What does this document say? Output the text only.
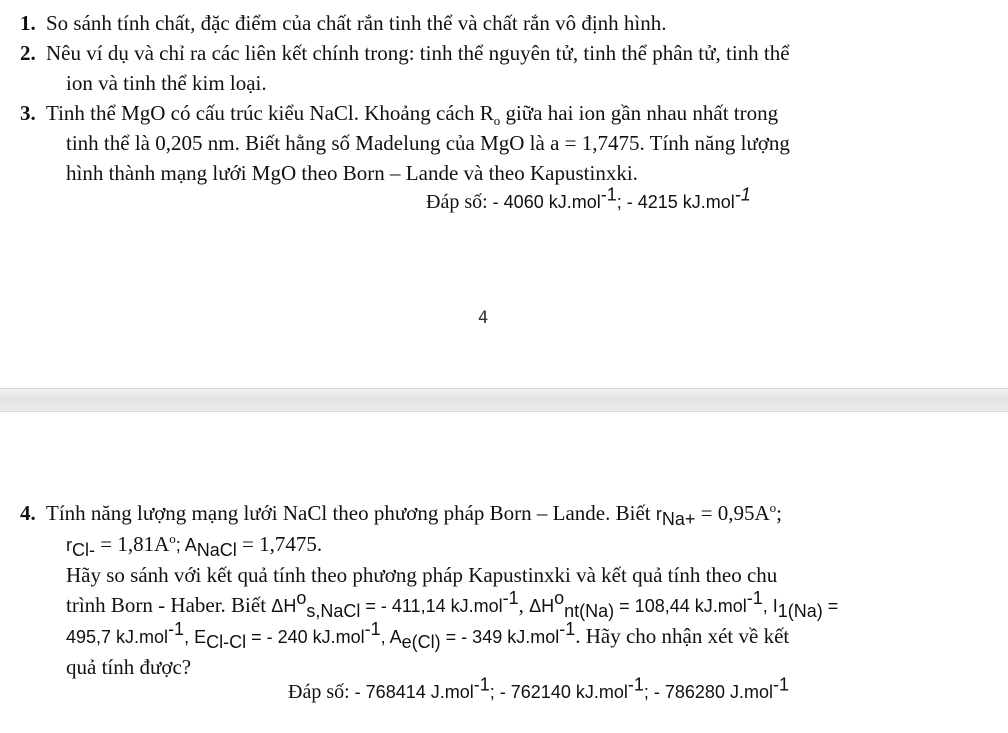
1. So sánh tính chất, đặc điểm của chất rắn tinh thể và chất rắn vô định hình.
2. Nêu ví dụ và chỉ ra các liên kết chính trong: tinh thể nguyên tử, tinh thể phân tử, tinh thể
ion và tinh thể kim loại.
3. Tinh thể MgO có cấu trúc kiểu NaCl. Khoảng cách $R_o$ giữa hai ion gần nhau nhất trong
tinh thể là 0,205 nm. Biết hằng số Madelung của MgO là a = 1,7475. Tính năng lượng
hình thành mạng lưới MgO theo Born – Lande và theo Kapustinxki.
Đáp số: - 4060 kJ.mol$^{-1}$; - 4215 kJ.mol$^{-1}$
4
4. Tính năng lượng mạng lưới NaCl theo phương pháp Born – Lande. Biết $r_{Na+} = 0,95A^o$;
$r_{Cl-} = 1,81A^o$; $A_{NaCl} = 1,7475$.
Hãy so sánh với kết quả tính theo phương pháp Kapustinxki và kết quả tính theo chu
trình Born - Haber. Biết $\Delta H^o_{s,NaCl}$ = - 411,14 kJ.mol$^{-1}$, $\Delta H^o_{nt(Na)} = 108,44$ kJ.mol$^{-1}$, $I_{1(Na)}$ =
495,7 kJ.mol$^{-1}$, $E_{Cl-Cl}$ = - 240 kJ.mol$^{-1}$, $A_{e(Cl)}$ = - 349 kJ.mol$^{-1}$. Hãy cho nhận xét về kết
quả tính được?
Đáp số: - 768414 J.mol$^{-1}$; - 762140 kJ.mol$^{-1}$; - 786280 J.mol$^{-1}$
